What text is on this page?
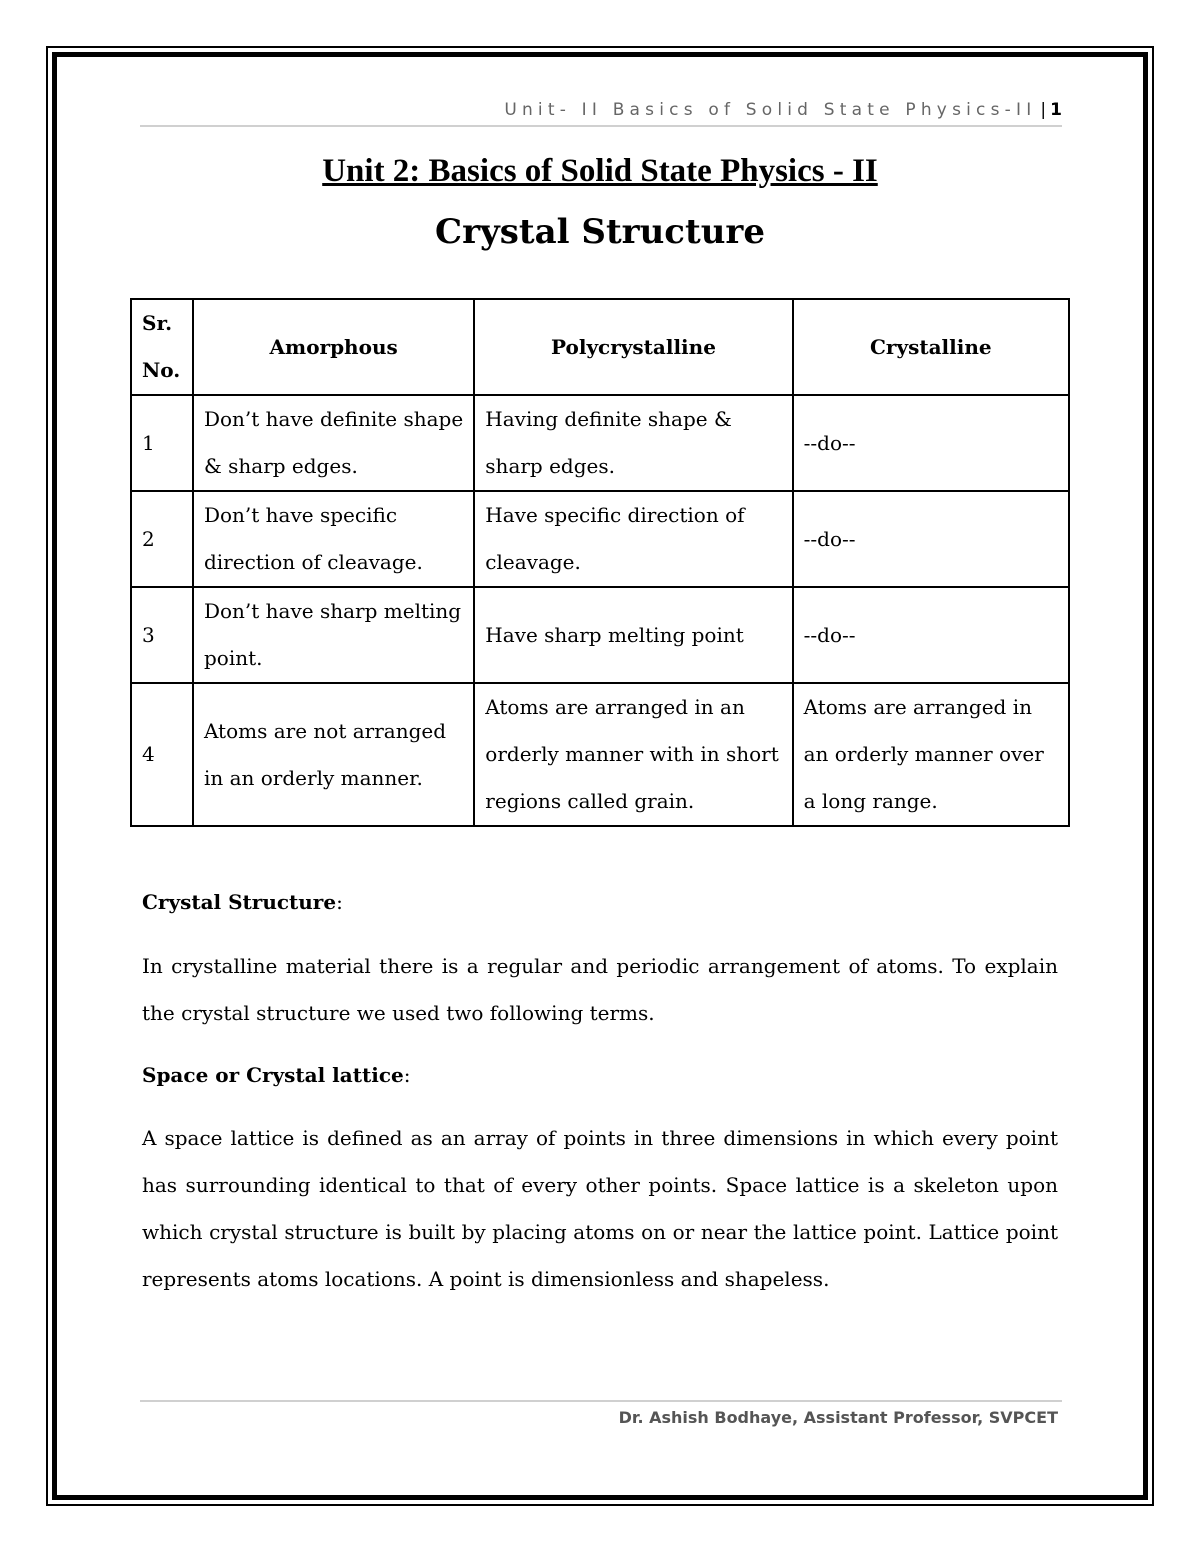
Unit- II Basics of Solid State Physics-II | 1
Unit 2: Basics of Solid State Physics - II
Crystal Structure
Sr. No.	Amorphous	Polycrystalline	Crystalline
1	Don’t have definite shape & sharp edges.	Having definite shape & sharp edges.	--do--
2	Don’t have specific direction of cleavage.	Have specific direction of cleavage.	--do--
3	Don’t have sharp melting point.	Have sharp melting point	--do--
4	Atoms are not arranged in an orderly manner.	Atoms are arranged in an orderly manner with in short regions called grain.	Atoms are arranged in an orderly manner over a long range.
Crystal Structure:
In crystalline material there is a regular and periodic arrangement of atoms. To explain the crystal structure we used two following terms.
Space or Crystal lattice:
A space lattice is defined as an array of points in three dimensions in which every point has surrounding identical to that of every other points. Space lattice is a skeleton upon which crystal structure is built by placing atoms on or near the lattice point. Lattice point represents atoms locations. A point is dimensionless and shapeless.
Dr. Ashish Bodhaye, Assistant Professor, SVPCET
